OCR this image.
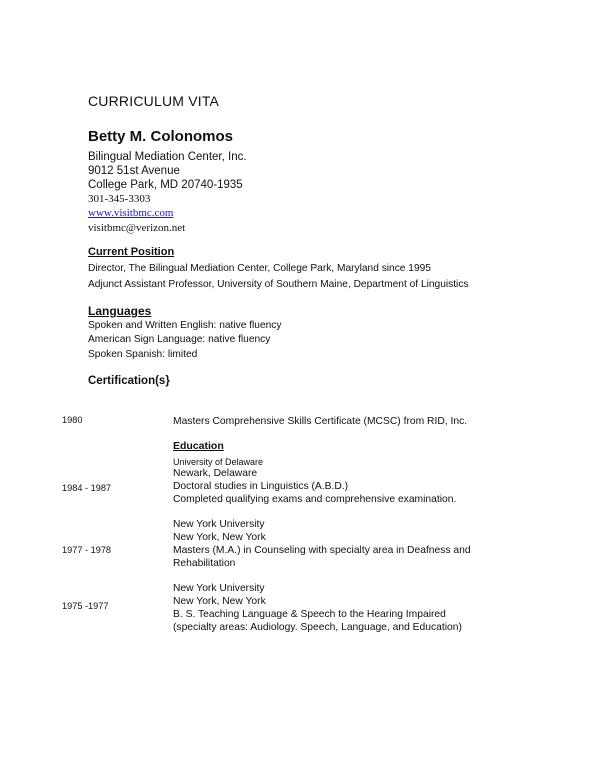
CURRICULUM VITA
Betty M. Colonomos
Bilingual Mediation Center, Inc.
9012 51st Avenue
College Park, MD 20740-1935
301-345-3303
www.visitbmc.com
visitbmc@verizon.net
Current Position
Director, The Bilingual Mediation Center, College Park, Maryland since 1995
Adjunct Assistant Professor, University of Southern Maine, Department of Linguistics
Languages
Spoken and Written English: native fluency
American Sign Language: native fluency
Spoken Spanish: limited
Certification(s}
1980	Masters Comprehensive Skills Certificate (MCSC) from RID, Inc.
Education
1984 - 1987
University of Delaware
Newark, Delaware
Doctoral studies in Linguistics (A.B.D.)
Completed qualifying exams and comprehensive examination.
1977 - 1978
New York University
New York, New York
Masters (M.A.) in Counseling with specialty area in Deafness and
Rehabilitation
1975 -1977
New York University
New York, New York
B. S. Teaching Language & Speech to the Hearing Impaired
(specialty areas: Audiology. Speech, Language, and Education)
